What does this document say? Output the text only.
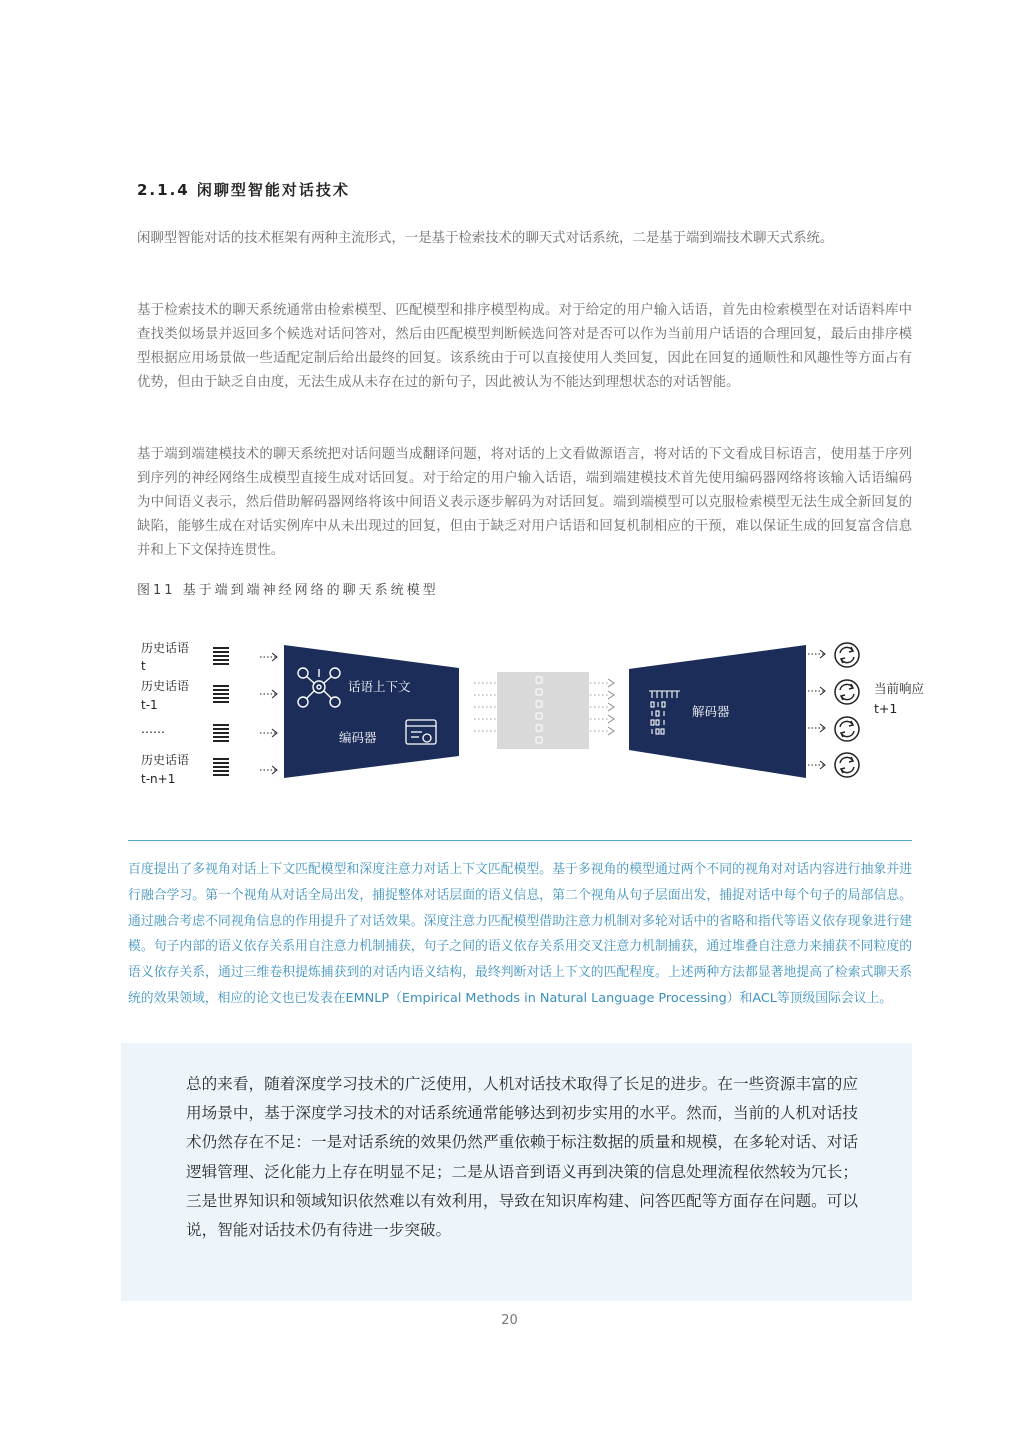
2.1.4 闲聊型智能对话技术

闲聊型智能对话的技术框架有两种主流形式，一是基于检索技术的聊天式对话系统，二是基于端到端技术聊天式系统。

基于检索技术的聊天系统通常由检索模型、匹配模型和排序模型构成。对于给定的用户输入话语，首先由检索模型在对话语料库中查找类似场景并返回多个候选对话问答对，然后由匹配模型判断候选问答对是否可以作为当前用户话语的合理回复，最后由排序模型根据应用场景做一些适配定制后给出最终的回复。该系统由于可以直接使用人类回复，因此在回复的通顺性和风趣性等方面占有优势，但由于缺乏自由度，无法生成从未存在过的新句子，因此被认为不能达到理想状态的对话智能。

基于端到端建模技术的聊天系统把对话问题当成翻译问题，将对话的上文看做源语言，将对话的下文看成目标语言，使用基于序列到序列的神经网络生成模型直接生成对话回复。对于给定的用户输入话语，端到端建模技术首先使用编码器网络将该输入话语编码为中间语义表示，然后借助解码器网络将该中间语义表示逐步解码为对话回复。端到端模型可以克服检索模型无法生成全新回复的缺陷，能够生成在对话实例库中从未出现过的回复，但由于缺乏对用户话语和回复机制相应的干预，难以保证生成的回复富含信息并和上下文保持连贯性。

图11 基于端到端神经网络的聊天系统模型

历史话语
t
历史话语
t-1
……
历史话语
t-n+1
话语上下文
编码器
解码器
当前响应
t+1

百度提出了多视角对话上下文匹配模型和深度注意力对话上下文匹配模型。基于多视角的模型通过两个不同的视角对对话内容进行抽象并进行融合学习。第一个视角从对话全局出发，捕捉整体对话层面的语义信息，第二个视角从句子层面出发，捕捉对话中每个句子的局部信息。通过融合考虑不同视角信息的作用提升了对话效果。深度注意力匹配模型借助注意力机制对多轮对话中的省略和指代等语义依存现象进行建模。句子内部的语义依存关系用自注意力机制捕获，句子之间的语义依存关系用交叉注意力机制捕获，通过堆叠自注意力来捕获不同粒度的语义依存关系，通过三维卷积提炼捕获到的对话内语义结构，最终判断对话上下文的匹配程度。上述两种方法都显著地提高了检索式聊天系统的效果领域，相应的论文也已发表在EMNLP（Empirical Methods in Natural Language Processing）和ACL等顶级国际会议上。

总的来看，随着深度学习技术的广泛使用，人机对话技术取得了长足的进步。在一些资源丰富的应用场景中，基于深度学习技术的对话系统通常能够达到初步实用的水平。然而，当前的人机对话技术仍然存在不足：一是对话系统的效果仍然严重依赖于标注数据的质量和规模，在多轮对话、对话逻辑管理、泛化能力上存在明显不足；二是从语音到语义再到决策的信息处理流程依然较为冗长；三是世界知识和领域知识依然难以有效利用，导致在知识库构建、问答匹配等方面存在问题。可以说，智能对话技术仍有待进一步突破。

20
